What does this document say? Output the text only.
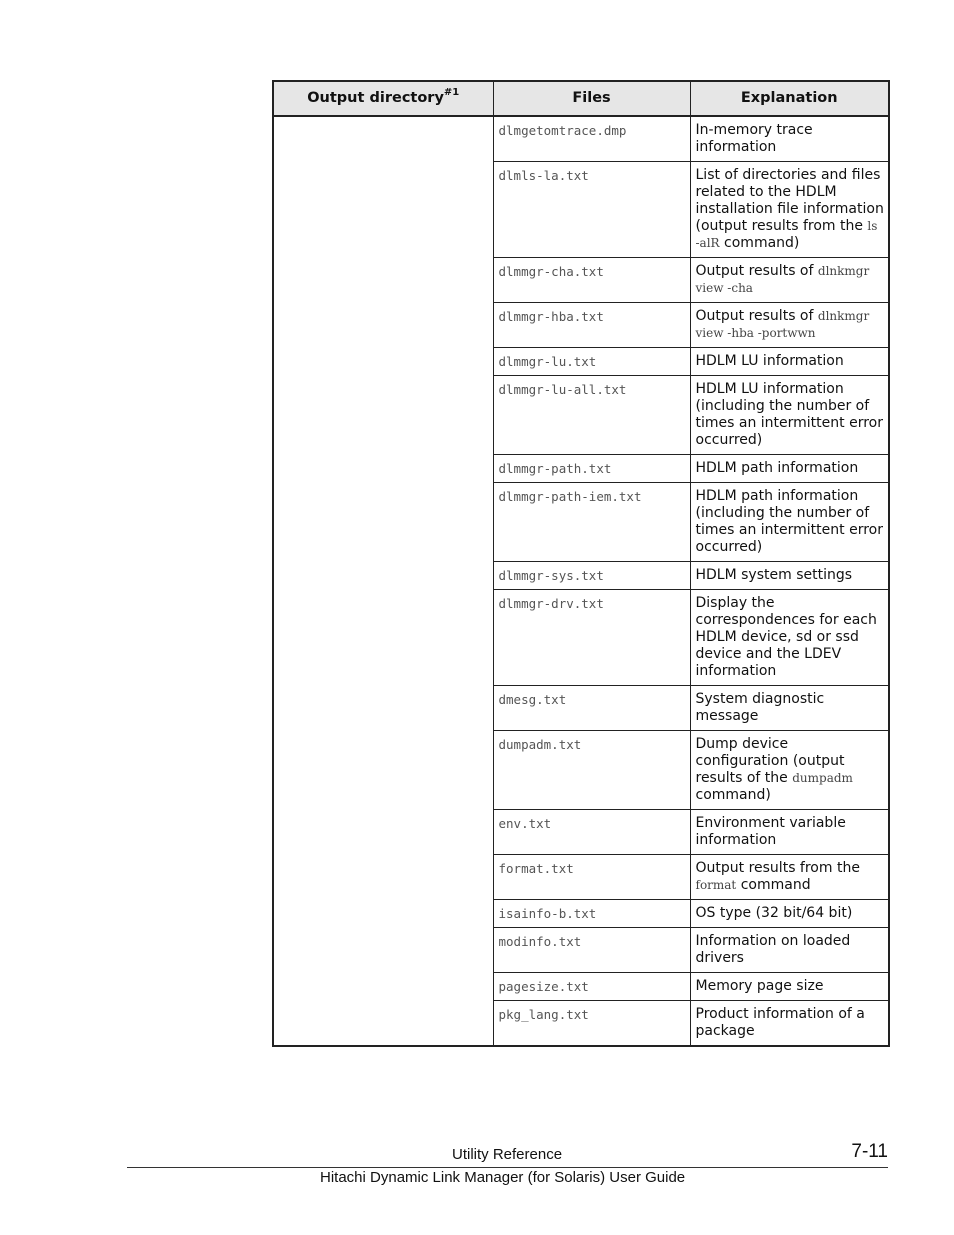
Output directory$^{\#1}$	Files	Explanation
	dlmgetomtrace.dmp	In-memory trace information
	dlmls-la.txt	List of directories and files related to the HDLM installation file information (output results from the ls -alR command)
	dlmmgr-cha.txt	Output results of dlnkmgr view -cha
	dlmmgr-hba.txt	Output results of dlnkmgr view -hba -portwwn
	dlmmgr-lu.txt	HDLM LU information
	dlmmgr-lu-all.txt	HDLM LU information (including the number of times an intermittent error occurred)
	dlmmgr-path.txt	HDLM path information
	dlmmgr-path-iem.txt	HDLM path information (including the number of times an intermittent error occurred)
	dlmmgr-sys.txt	HDLM system settings
	dlmmgr-drv.txt	Display the correspondences for each HDLM device, sd or ssd device and the LDEV information
	dmesg.txt	System diagnostic message
	dumpadm.txt	Dump device configuration (output results of the dumpadm command)
	env.txt	Environment variable information
	format.txt	Output results from the format command
	isainfo-b.txt	OS type (32 bit/64 bit)
	modinfo.txt	Information on loaded drivers
	pagesize.txt	Memory page size
	pkg_lang.txt	Product information of a package
Utility Reference	7-11
Hitachi Dynamic Link Manager (for Solaris) User Guide
